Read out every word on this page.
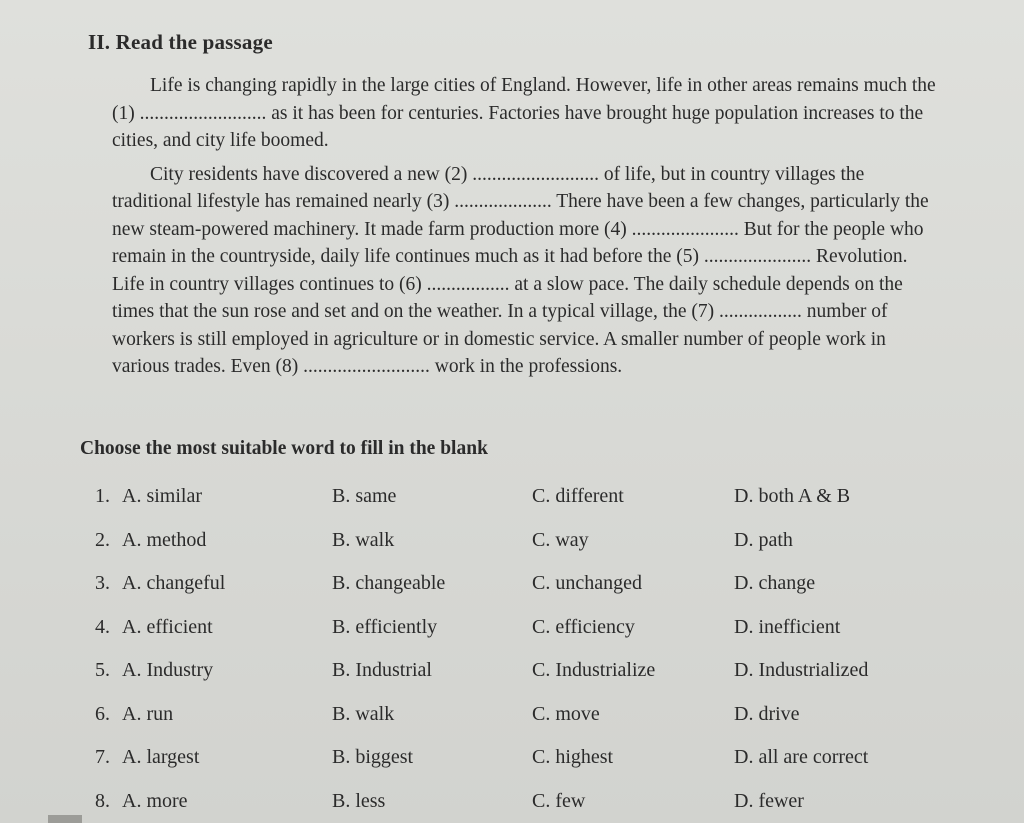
II. Read the passage

Life is changing rapidly in the large cities of England. However, life in other areas remains much the (1) .......................... as it has been for centuries. Factories have brought huge population increases to the cities, and city life boomed.

City residents have discovered a new (2) .......................... of life, but in country villages the traditional lifestyle has remained nearly (3) .................... There have been a few changes, particularly the new steam-powered machinery. It made farm production more (4) ...................... But for the people who remain in the countryside, daily life continues much as it had before the (5) ...................... Revolution. Life in country villages continues to (6) ................. at a slow pace. The daily schedule depends on the times that the sun rose and set and on the weather. In a typical village, the (7) ................. number of workers is still employed in agriculture or in domestic service. A smaller number of people work in various trades. Even (8) .......................... work in the professions.

Choose the most suitable word to fill in the blank
1. A. similar	B. same	C. different	D. both A & B
2. A. method	B. walk	C. way	D. path
3. A. changeful	B. changeable	C. unchanged	D. change
4. A. efficient	B. efficiently	C. efficiency	D. inefficient
5. A. Industry	B. Industrial	C. Industrialize	D. Industrialized
6. A. run	B. walk	C. move	D. drive
7. A. largest	B. biggest	C. highest	D. all are correct
8. A. more	B. less	C. few	D. fewer
